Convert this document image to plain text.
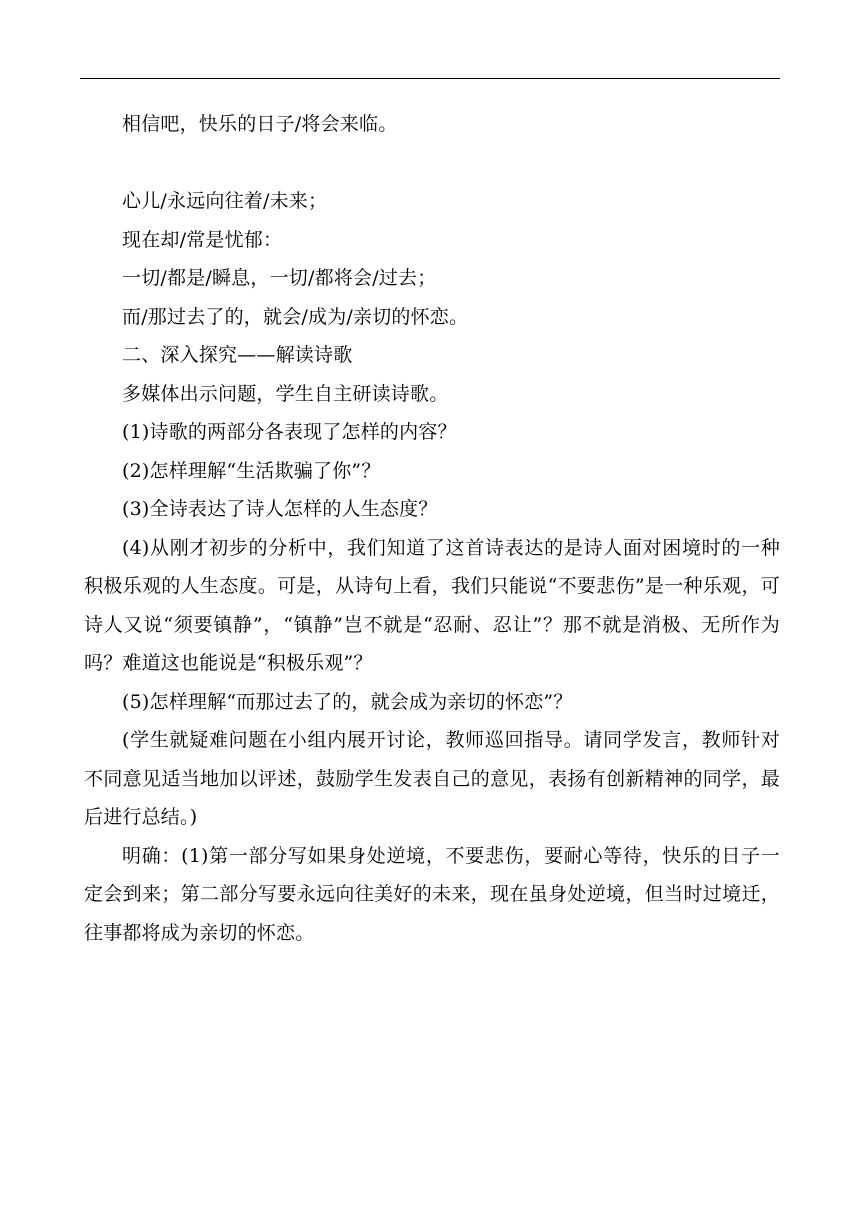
相信吧，快乐的日子/将会来临。

心儿/永远向往着/未来；

现在却/常是忧郁：

一切/都是/瞬息，一切/都将会/过去；

而/那过去了的，就会/成为/亲切的怀恋。

二、深入探究——解读诗歌

多媒体出示问题，学生自主研读诗歌。

(1)诗歌的两部分各表现了怎样的内容？

(2)怎样理解“生活欺骗了你”？

(3)全诗表达了诗人怎样的人生态度？

(4)从刚才初步的分析中，我们知道了这首诗表达的是诗人面对困境时的一种积极乐观的人生态度。可是，从诗句上看，我们只能说“不要悲伤”是一种乐观，可诗人又说“须要镇静”，“镇静”岂不就是“忍耐、忍让”？那不就是消极、无所作为吗？难道这也能说是“积极乐观”？

(5)怎样理解“而那过去了的，就会成为亲切的怀恋”？

(学生就疑难问题在小组内展开讨论，教师巡回指导。请同学发言，教师针对不同意见适当地加以评述，鼓励学生发表自己的意见，表扬有创新精神的同学，最后进行总结。)

明确：(1)第一部分写如果身处逆境，不要悲伤，要耐心等待，快乐的日子一定会到来；第二部分写要永远向往美好的未来，现在虽身处逆境，但当时过境迁，往事都将成为亲切的怀恋。
